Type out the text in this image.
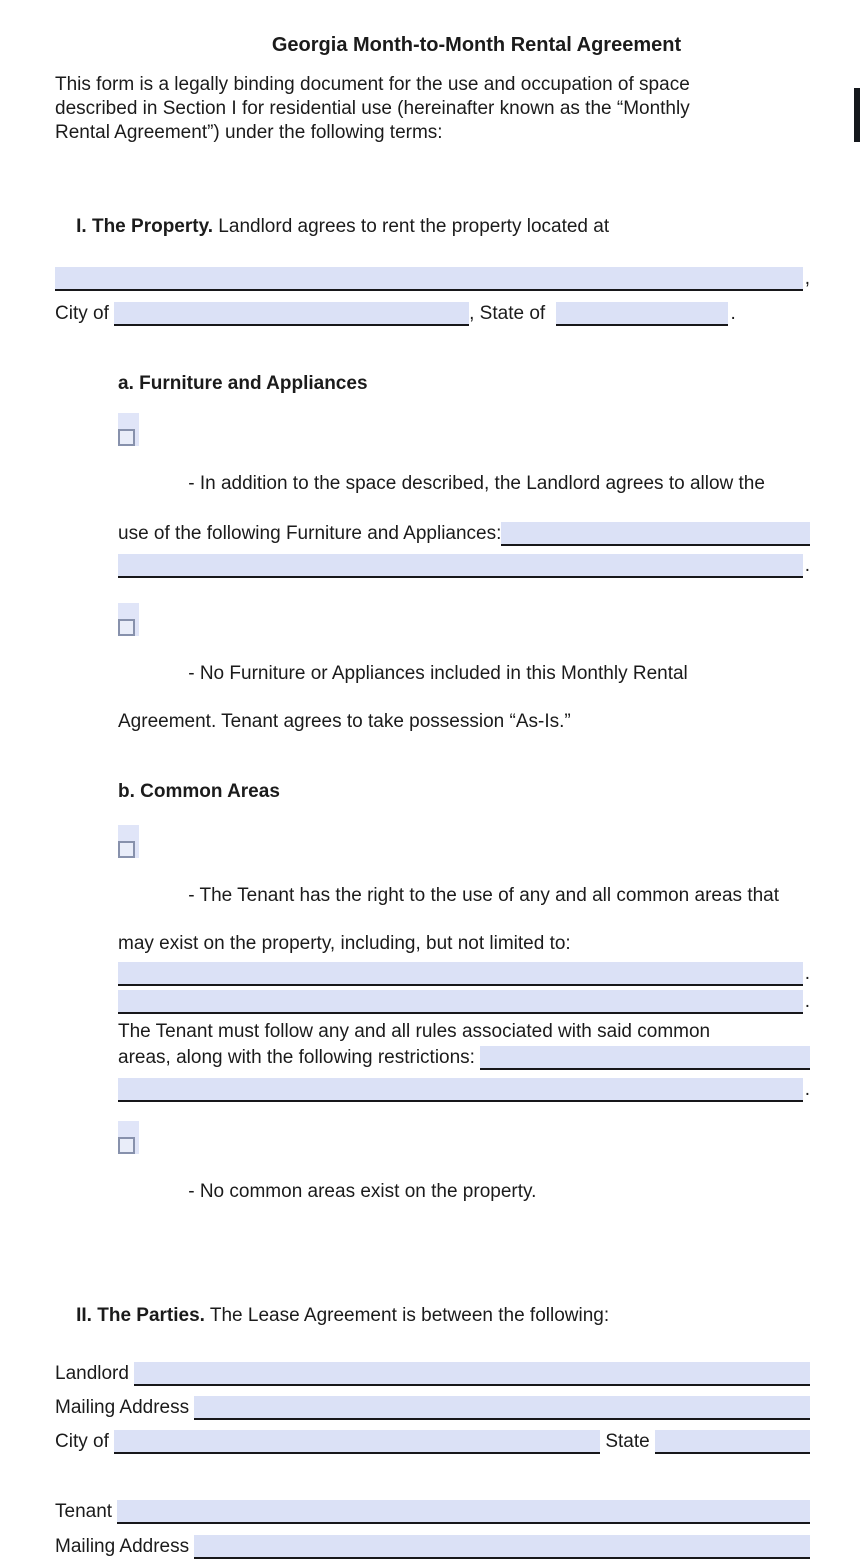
Georgia Month-to-Month Rental Agreement
This form is a legally binding document for the use and occupation of space
described in Section I for residential use (hereinafter known as the “Monthly
Rental Agreement”) under the following terms:

I. The Property. Landlord agrees to rent the property located at

,
City of	, State of	.
a. Furniture and Appliances

- In addition to the space described, the Landlord agrees to allow the

use of the following Furniture and Appliances:
.

- No Furniture or Appliances included in this Monthly Rental

Agreement. Tenant agrees to take possession “As-Is.”
b. Common Areas

- The Tenant has the right to the use of any and all common areas that

may exist on the property, including, but not limited to:
.
.
The Tenant must follow any and all rules associated with said common
areas, along with the following restrictions:
.

- No common areas exist on the property.

II. The Parties. The Lease Agreement is between the following:

Landlord
Mailing Address
City of	State
Tenant
Mailing Address
